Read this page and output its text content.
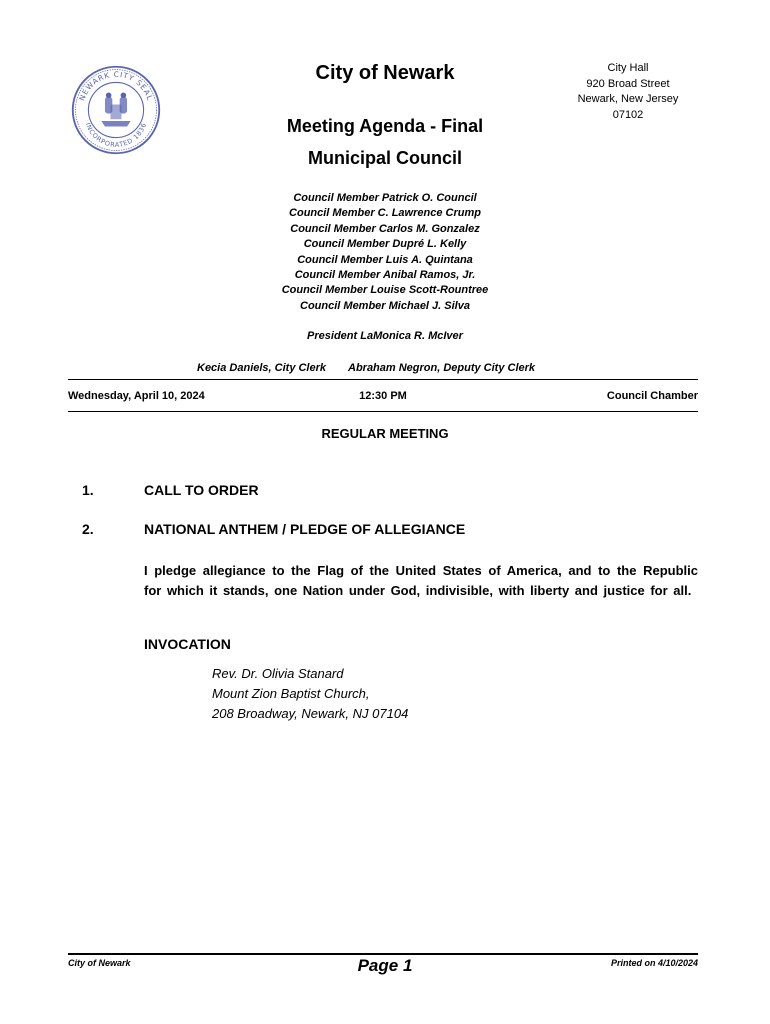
NEWARK CITY SEAL
INCORPORATED 1836
City of Newark	City Hall
920 Broad Street
Newark, New Jersey
07102
Meeting Agenda - Final
Municipal Council
Council Member Patrick O. Council
Council Member C. Lawrence Crump
Council Member Carlos M. Gonzalez
Council Member Dupré L. Kelly
Council Member Luis A. Quintana
Council Member Anibal Ramos, Jr.
Council Member Louise Scott-Rountree
Council Member Michael J. Silva
President LaMonica R. McIver
Kecia Daniels, City Clerk Abraham Negron, Deputy City Clerk
Wednesday, April 10, 2024	12:30 PM	Council Chamber
REGULAR MEETING
1.	CALL TO ORDER
2.	NATIONAL ANTHEM / PLEDGE OF ALLEGIANCE
I pledge allegiance to the Flag of the United States of America, and to the Republic for which it stands, one Nation under God, indivisible, with liberty and justice for all.
INVOCATION
Rev. Dr. Olivia Stanard
Mount Zion Baptist Church,
208 Broadway, Newark, NJ 07104
City of Newark	Page 1	Printed on 4/10/2024
